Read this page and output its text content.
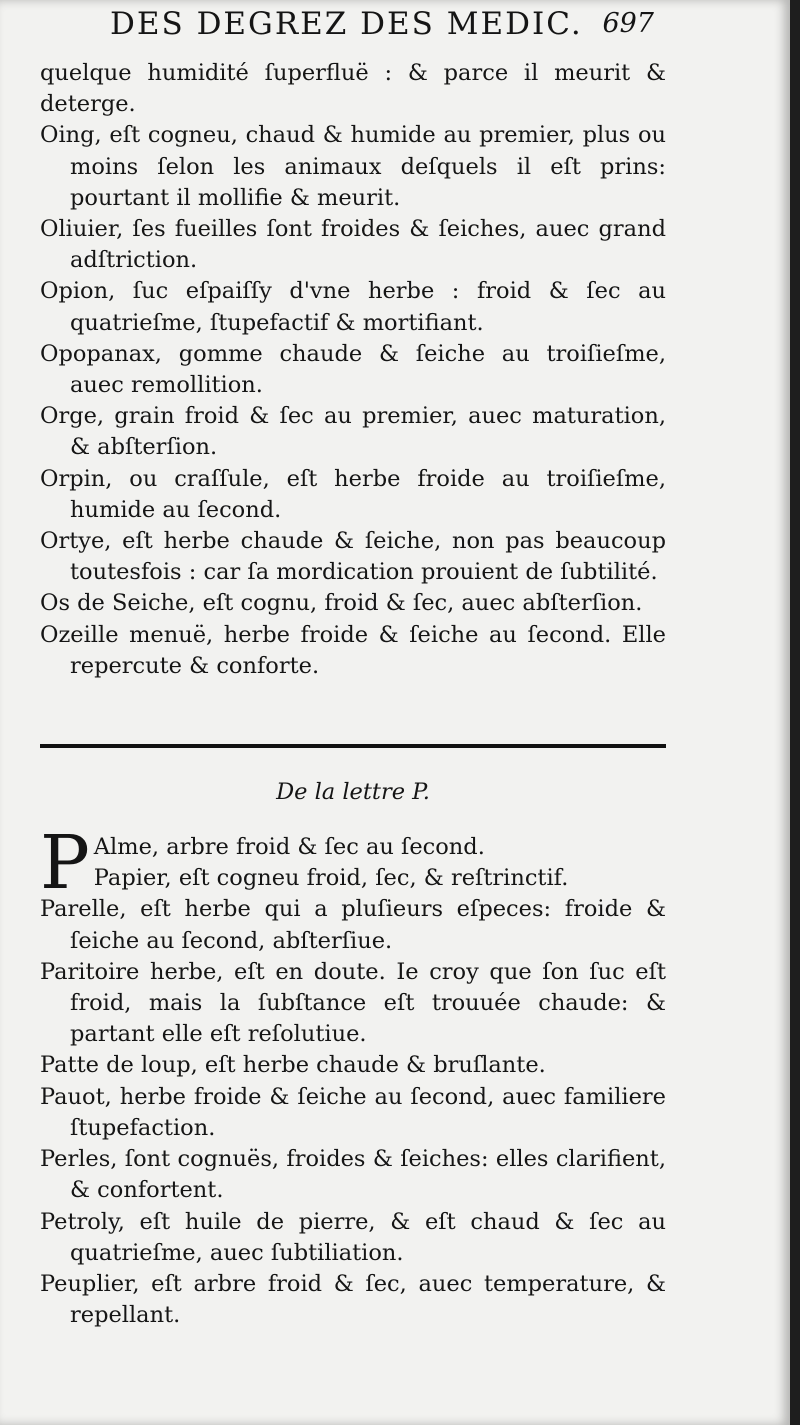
DES DEGREZ DES MEDIC. 697
quelque humidité ſuperfluë : & parce il meurit & deterge.
Oing, eſt cogneu, chaud & humide au premier, plus ou moins ſelon les animaux deſquels il eſt prins: pourtant il mollifie & meurit.
Oliuier, ſes fueilles ſont froides & ſeiches, auec grand adſtriction.
Opion, ſuc eſpaiſſy d'vne herbe : froid & ſec au quatrieſme, ſtupefactif & mortifiant.
Opopanax, gomme chaude & ſeiche au troiſieſme, auec remollition.
Orge, grain froid & ſec au premier, auec maturation, & abſterſion.
Orpin, ou craſſule, eſt herbe froide au troiſieſme, humide au ſecond.
Ortye, eſt herbe chaude & ſeiche, non pas beaucoup toutesfois : car ſa mordication prouient de ſubtilité.
Os de Seiche, eſt cognu, froid & ſec, auec abſterſion.
Ozeille menuë, herbe froide & ſeiche au ſecond. Elle repercute & conforte.
De la lettre P.
P Alme, arbre froid & ſec au ſecond.
Papier, eſt cogneu froid, ſec, & reſtrinctif.
Parelle, eſt herbe qui a pluſieurs eſpeces: froide & ſeiche au ſecond, abſterſiue.
Paritoire herbe, eſt en doute. Ie croy que ſon ſuc eſt froid, mais la ſubſtance eſt trouuée chaude: & partant elle eſt reſolutiue.
Patte de loup, eſt herbe chaude & bruſlante.
Pauot, herbe froide & ſeiche au ſecond, auec familiere ſtupefaction.
Perles, ſont cognuës, froides & ſeiches: elles clarifient, & confortent.
Petroly, eſt huile de pierre, & eſt chaud & ſec au quatrieſme, auec ſubtiliation.
Peuplier, eſt arbre froid & ſec, auec temperature, & repellant.
